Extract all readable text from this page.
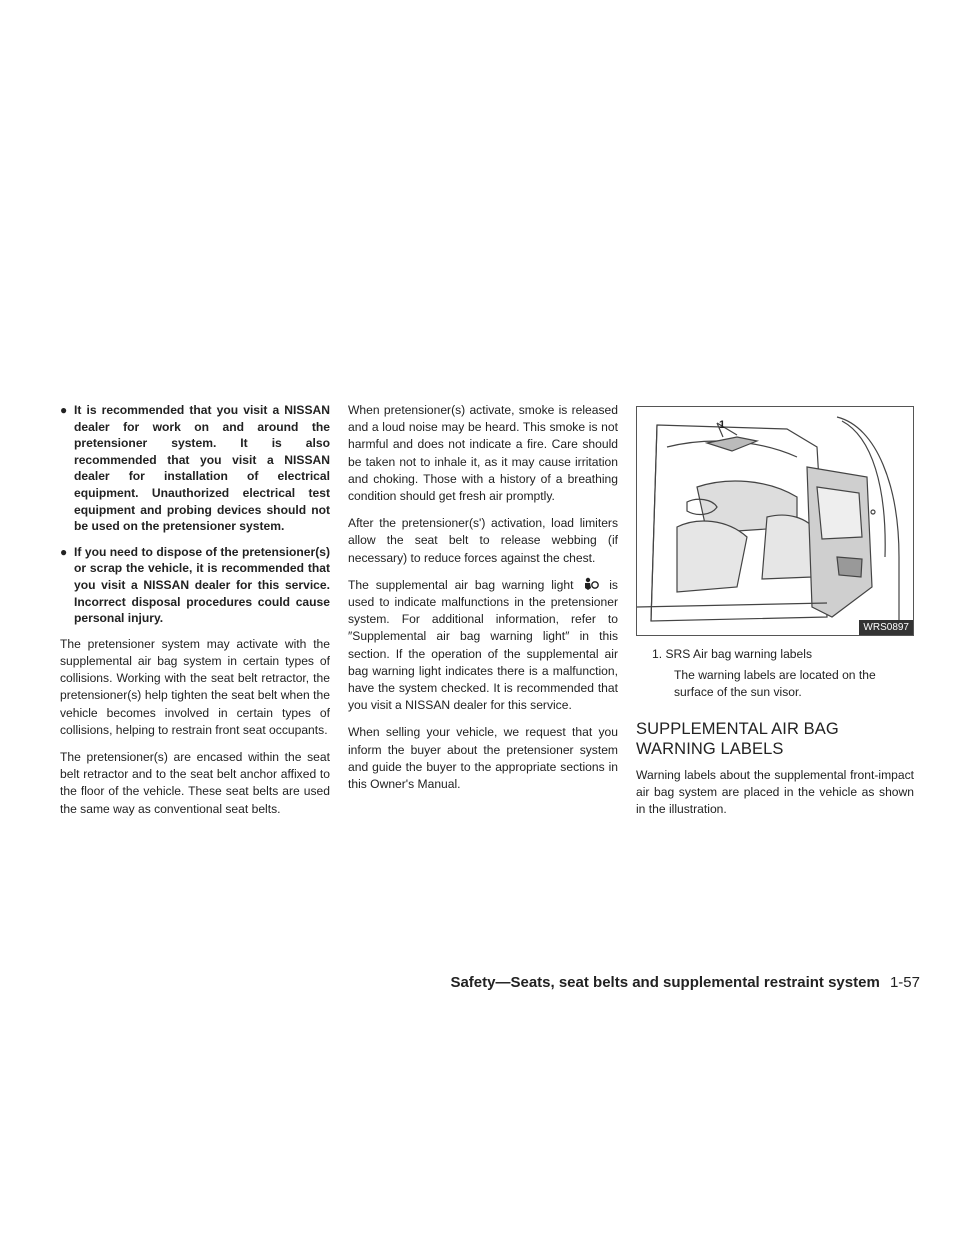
● It is recommended that you visit a NISSAN dealer for work on and around the pretensioner system. It is also recommended that you visit a NISSAN dealer for installation of electrical equipment. Unauthorized electrical test equipment and probing devices should not be used on the pretensioner system.
● If you need to dispose of the pretensioner(s) or scrap the vehicle, it is recommended that you visit a NISSAN dealer for this service. Incorrect disposal procedures could cause personal injury.

The pretensioner system may activate with the supplemental air bag system in certain types of collisions. Working with the seat belt retractor, the pretensioner(s) help tighten the seat belt when the vehicle becomes involved in certain types of collisions, helping to restrain front seat occupants.

The pretensioner(s) are encased within the seat belt retractor and to the seat belt anchor affixed to the floor of the vehicle. These seat belts are used the same way as conventional seat belts.

When pretensioner(s) activate, smoke is released and a loud noise may be heard. This smoke is not harmful and does not indicate a fire. Care should be taken not to inhale it, as it may cause irritation and choking. Those with a history of a breathing condition should get fresh air promptly.

After the pretensioner(s') activation, load limiters allow the seat belt to release webbing (if necessary) to reduce forces against the chest.

The supplemental air bag warning light	is used to indicate malfunctions in the pretensioner system. For additional information, refer to ″Supplemental air bag warning light″ in this section. If the operation of the supplemental air bag warning light indicates there is a malfunction, have the system checked. It is recommended that you visit a NISSAN dealer for this service.

When selling your vehicle, we request that you inform the buyer about the pretensioner system and guide the buyer to the appropriate sections in this Owner's Manual.

1
WRS0897
1. SRS Air bag warning labels
The warning labels are located on the surface of the sun visor.
SUPPLEMENTAL AIR BAG WARNING LABELS

Warning labels about the supplemental front-impact air bag system are placed in the vehicle as shown in the illustration.

Safety—Seats, seat belts and supplemental restraint system 1-57
